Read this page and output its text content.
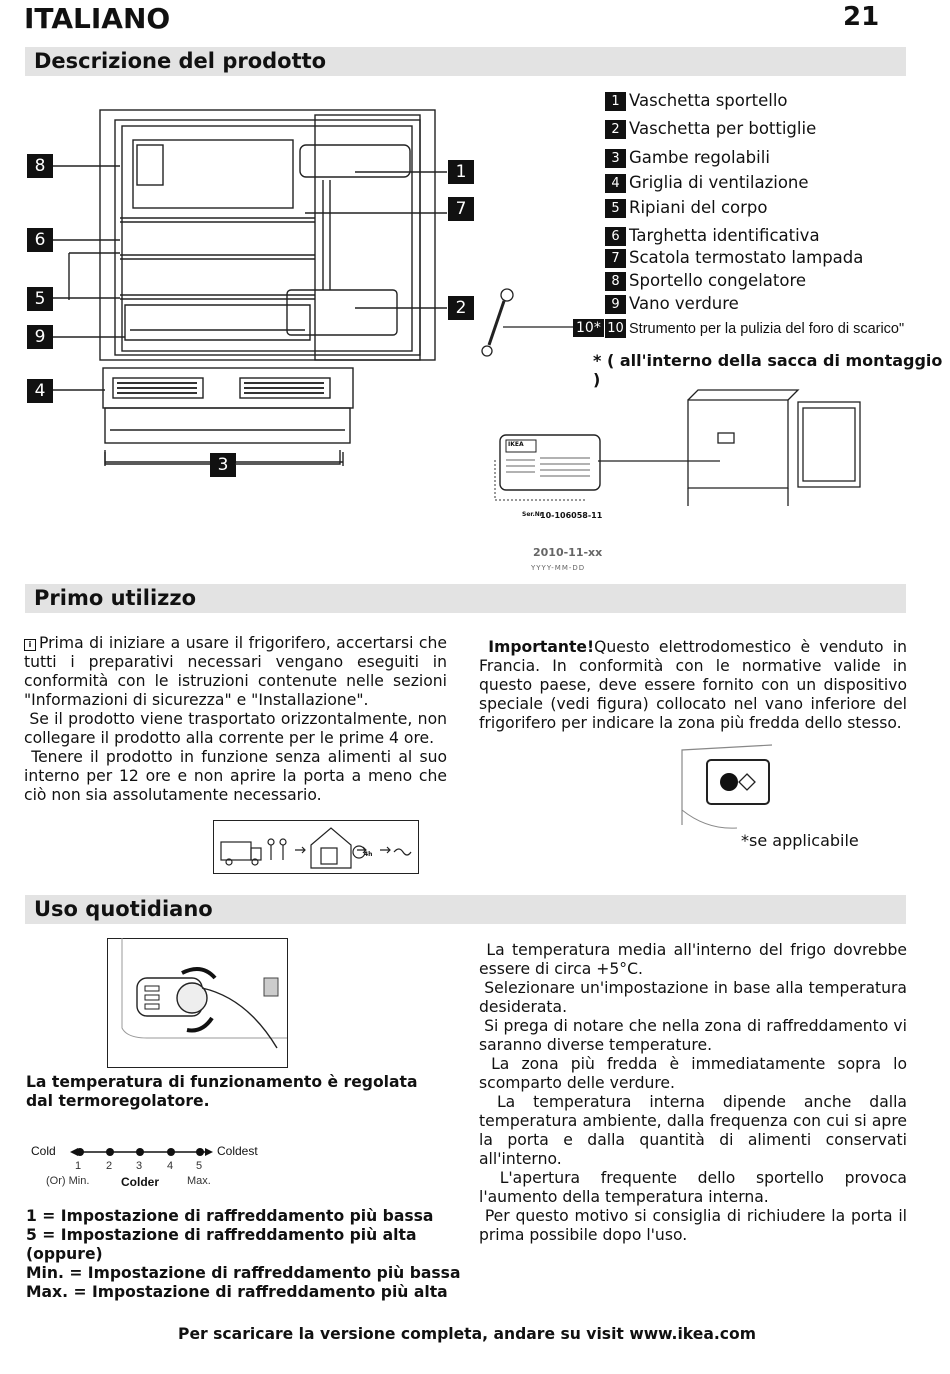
ITALIANO	21
Descrizione del prodotto
8
6
5
9
4
1
7
2
3
10*
1 Vaschetta sportello
2 Vaschetta per bottiglie
3 Gambe regolabili
4 Griglia di ventilazione
5 Ripiani del corpo
6 Targhetta identificativa
7 Scatola termostato lampada
8 Sportello congelatore
9 Vano verdure
10 Strumento per la pulizia del foro di scarico"
* ( all'interno della sacca di montaggio )
IKEA
Ser.Nr.
10-106058-11
2010-11-xx
YYYY-MM-DD
Primo utilizzo

i Prima di iniziare a usare il frigorifero, accertarsi che tutti i preparativi necessari vengano eseguiti in conformità con le istruzioni contenute nelle sezioni "Informazioni di sicurezza" e "Installazione".

Se il prodotto viene trasportato orizzontalmente, non collegare il prodotto alla corrente per le prime 4 ore.

Tenere il prodotto in funzione senza alimenti al suo interno per 12 ore e non aprire la porta a meno che ciò non sia assolutamente necessario.

Importante!Questo elettrodomestico è venduto in Francia. In conformità con le normative valide in questo paese, deve essere fornito con un dispositivo speciale (vedi figura) collocato nel vano inferiore del frigorifero per indicare la zona più fredda dello stesso.

*se applicabile
4h
Uso quotidiano
La temperatura di funzionamento è regolata dal termoregolatore.
Cold	Coldest
1 2 3 4 5
(Or) Min.	Colder	Max.
1 = Impostazione di raffreddamento più bassa
5 = Impostazione di raffreddamento più alta
(oppure)
Min. = Impostazione di raffreddamento più bassa
Max. = Impostazione di raffreddamento più alta

La temperatura media all'interno del frigo dovrebbe essere di circa +5°C.

Selezionare un'impostazione in base alla temperatura desiderata.

Si prega di notare che nella zona di raffreddamento vi saranno diverse temperature.

La zona più fredda è immediatamente sopra lo scomparto delle verdure.

La temperatura interna dipende anche dalla temperatura ambiente, dalla frequenza con cui si apre la porta e dalla quantità di alimenti conservati all'interno.

L'apertura frequente dello sportello provoca l'aumento della temperatura interna.

Per questo motivo si consiglia di richiudere la porta il prima possibile dopo l'uso.

Per scaricare la versione completa, andare su visit www.ikea.com
